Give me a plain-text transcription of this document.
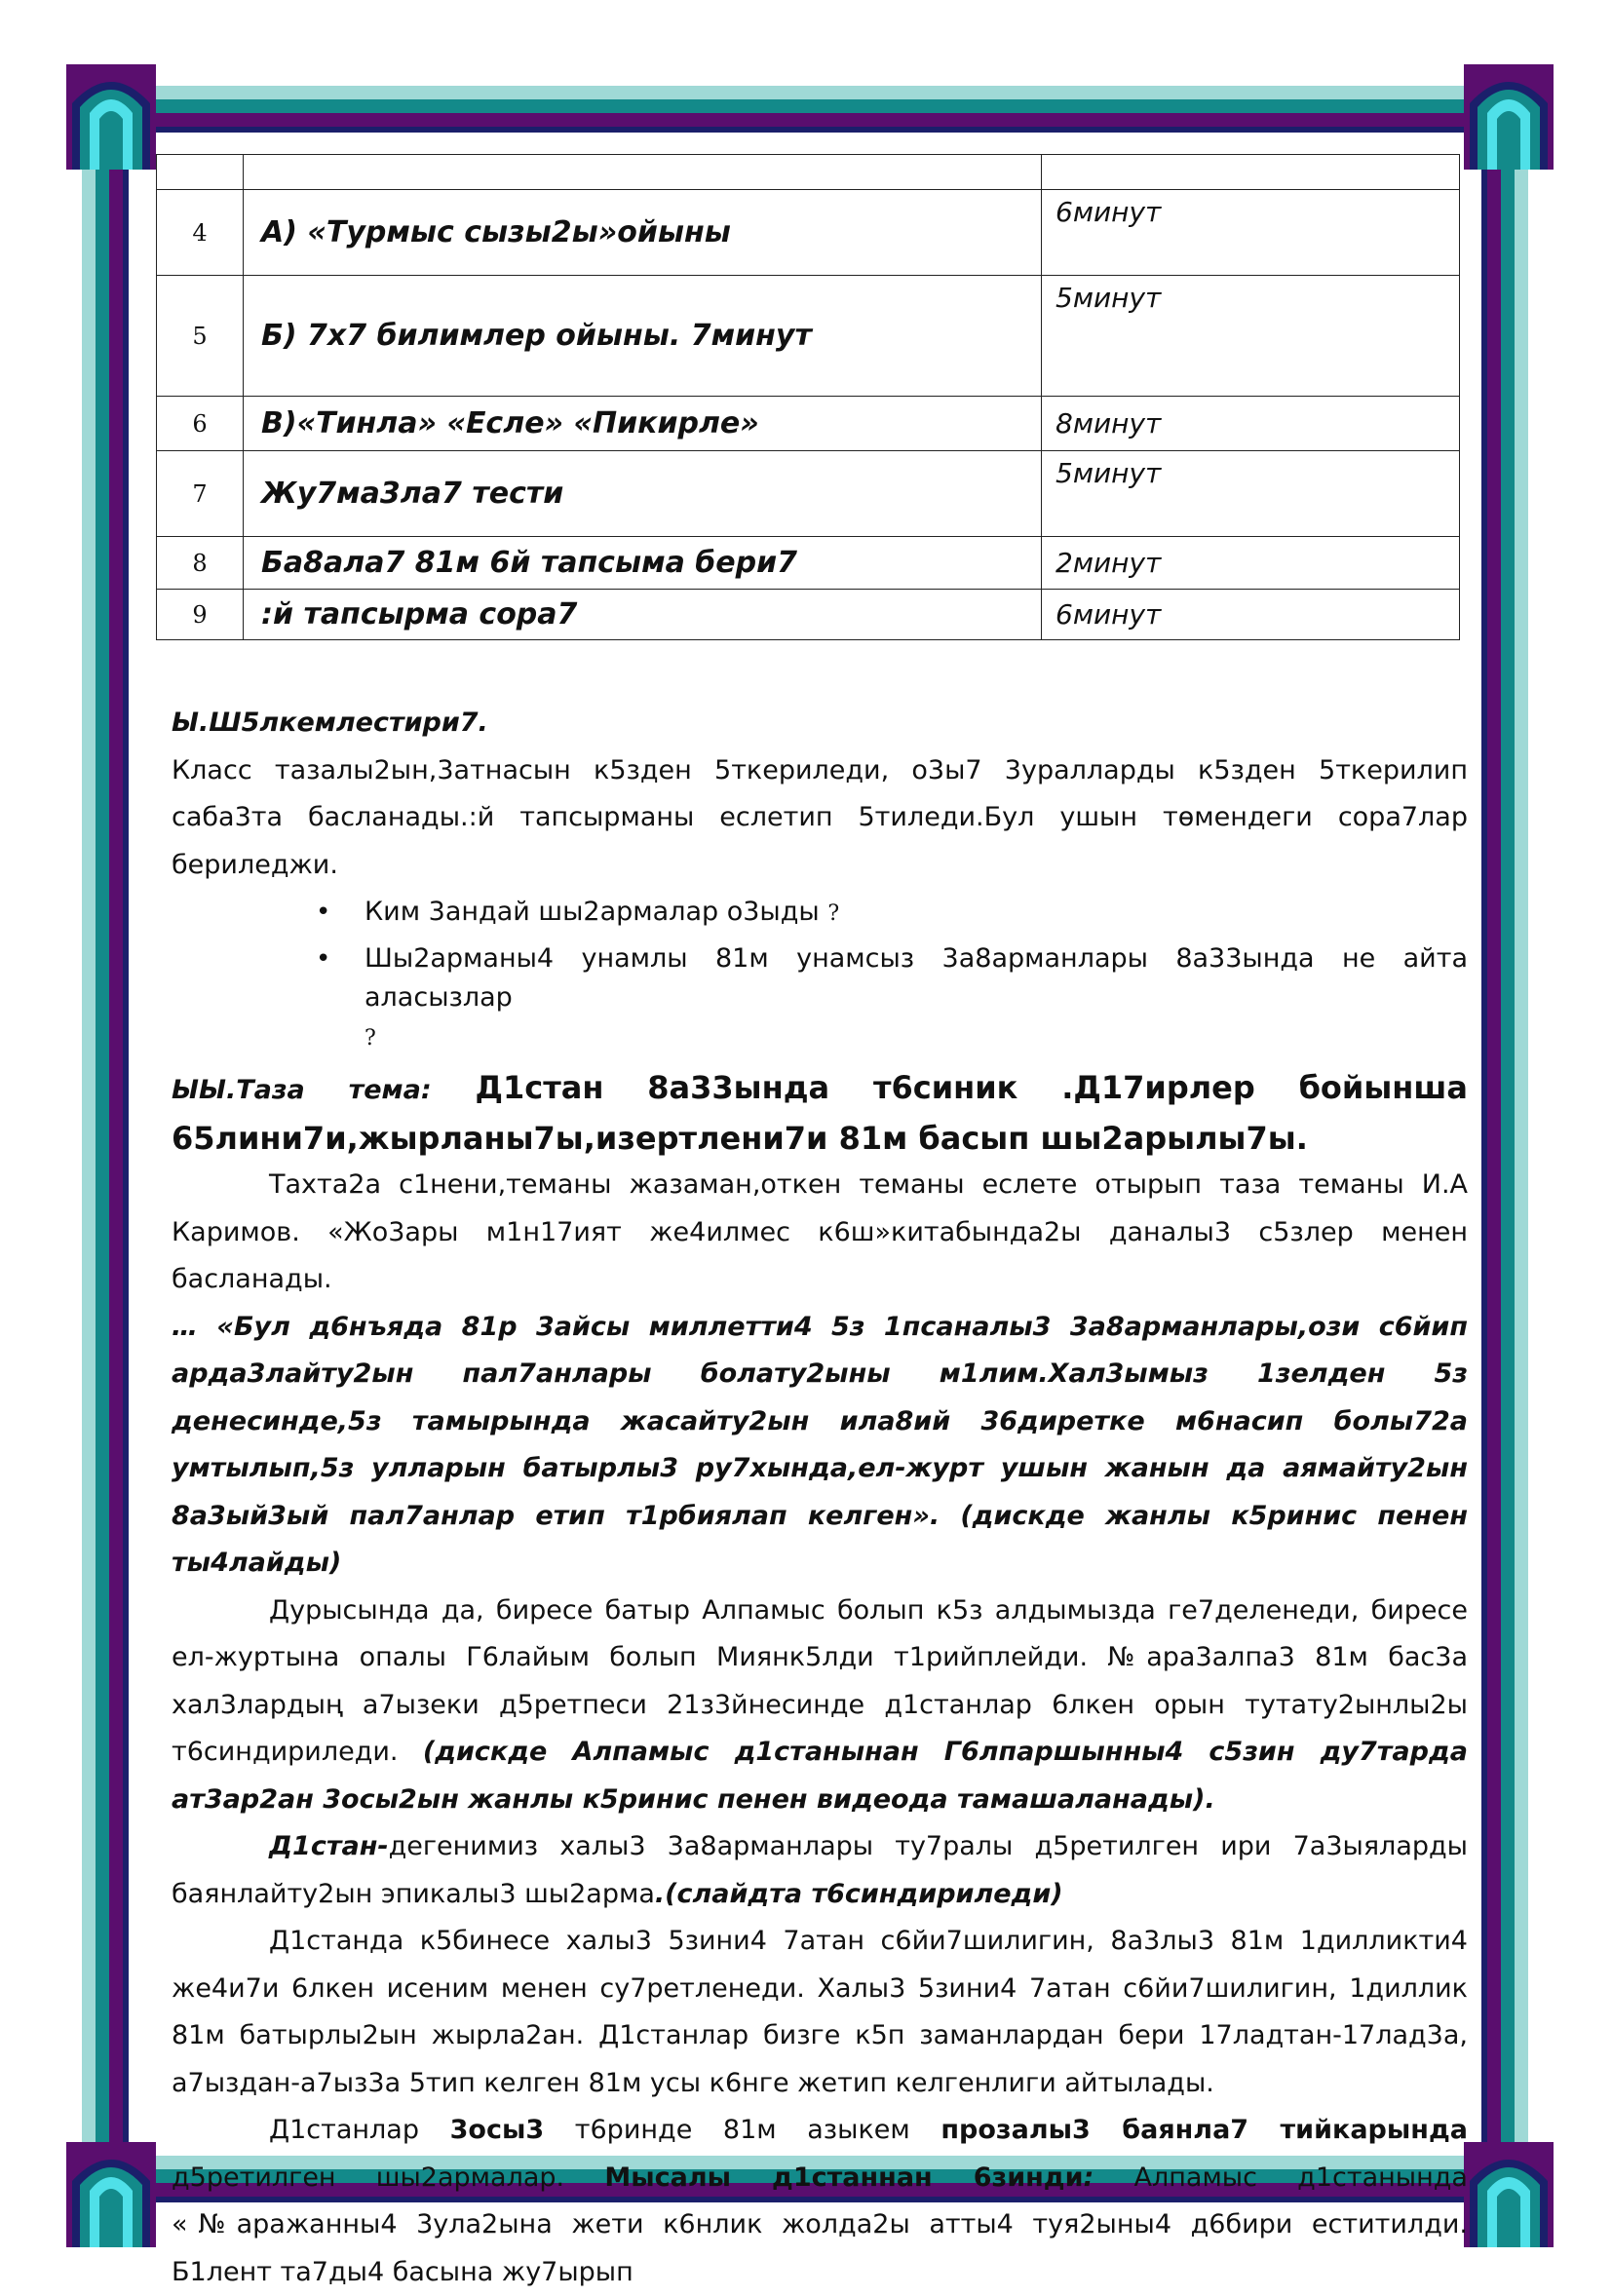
4	А) «Турмыс сызы2ы»ойыны	6минут
5	Б) 7х7 билимлер ойыны. 7минут	5минут
6	В)«Тинла» «Есле» «Пикирле»	8минут
7	Жу7ма3ла7 тести	5минут
8	Ба8ала7 81м 6й тапсыма бери7	2минут
9	:й тапсырма сора7	6минут

Ы.Ш5лкемлестири7.

Класс тазалы2ын,3атнасын к5зден 5ткериледи, о3ы7 3уралларды к5зден 5ткерилип саба3та басланады.:й тапсырманы еслетип 5тиледи.Бул ушын төмендеги сора7лар бериледжи.

• Ким 3андай шы2армалар о3ыды ?
• Шы2арманы4 унамлы 81м унамсыз 3а8арманлары 8а33ында не айта аласызлар
?
ЫЫ.Таза тема: Д1стан 8а33ында т6синик .Д17ирлер бойынша

65лини7и,жырланы7ы,изертлени7и 81м басып шы2арылы7ы.

Тахта2а с1нени,теманы жазаман,откен теманы еслете отырып таза теманы И.А Каримов. «Жо3ары м1н17ият же4илмес к6ш»китабында2ы даналы3 с5злер менен басланады.

… «Бул д6нъяда 81р 3айсы миллетти4 5з 1псаналы3 3а8арманлары,ози с6йип арда3лайту2ын пал7анлары болату2ыны м1лим.Хал3ымыз 1зелден 5з денесинде,5з тамырында жасайту2ын ила8ий 36диретке м6насип болы72а умтылып,5з улларын батырлы3 ру7хында,ел-журт ушын жанын да аямайту2ын 8а3ый3ый пал7анлар етип т1рбиялап келген». (дискде жанлы к5ринис пенен ты4лайды)

Дурысында да, биресе батыр Алпамыс болып к5з алдымызда ге7деленеди, биресе ел-журтына опалы Г6лайым болып Миянк5лди т1рийплейди. №ара3алпа3 81м бас3а хал3лардың а7ызеки д5ретпеси 21з3йнесинде д1станлар 6лкен орын тутату2ынлы2ы т6синдириледи. (дискде Алпамыс д1станынан Г6лпаршынны4 с5зин ду7тарда ат3ар2ан 3осы2ын жанлы к5ринис пенен видеода тамашаланады).

Д1стан-дегенимиз халы3 3а8арманлары ту7ралы д5ретилген ири 7а3ыяларды баянлайту2ын эпикалы3 шы2арма.(слайдта т6синдириледи)

Д1станда к5бинесе халы3 5зини4 7атан с6йи7шилигин, 8а3лы3 81м 1дилликти4 же4и7и 6лкен исеним менен су7ретленеди. Халы3 5зини4 7атан с6йи7шилигин, 1диллик 81м батырлы2ын жырла2ан. Д1станлар бизге к5п заманлардан бери 17ладтан-17лад3а, а7ыздан-а7ыз3а 5тип келген 81м усы к6нге жетип келгенлиги айтылады.

Д1станлар 3осы3 т6ринде 81м азыкем прозалы3 баянла7 тийкарында д5ретилген шы2армалар. Мысалы д1станнан 6зинди: Алпамыс д1станында «№аражанны4 3ула2ына жети к6нлик жолда2ы атты4 туя2ыны4 д6бири еститилди. Б1лент та7ды4 басына жу7ырып
